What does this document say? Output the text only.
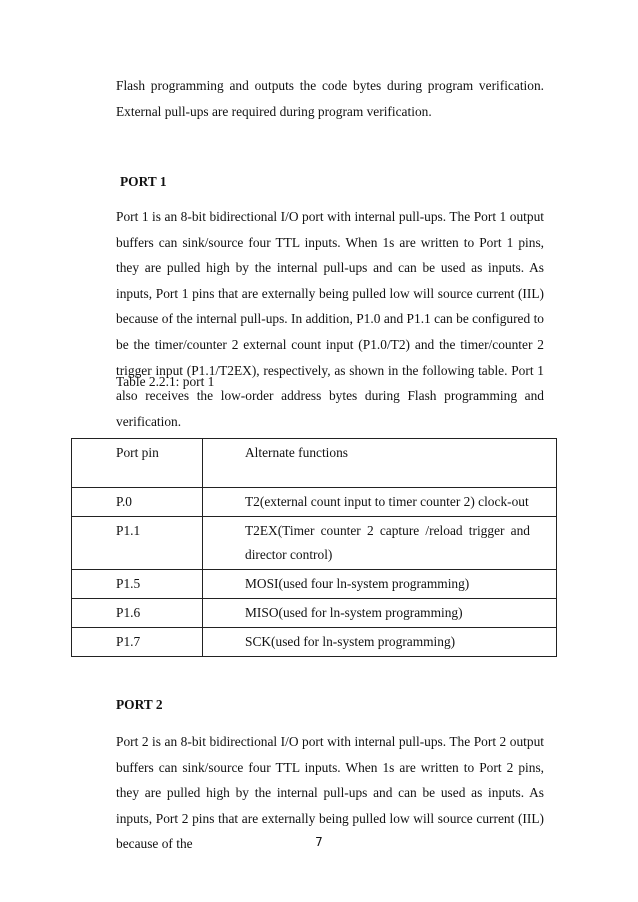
Flash programming and outputs the code bytes during program verification. External pull-ups are required during program verification.

PORT 1

Port 1 is an 8-bit bidirectional I/O port with internal pull-ups. The Port 1 output buffers can sink/source four TTL inputs. When 1s are written to Port 1 pins, they are pulled high by the internal pull-ups and can be used as inputs. As inputs, Port 1 pins that are externally being pulled low will source current (IIL) because of the internal pull-ups. In addition, P1.0 and P1.1 can be configured to be the timer/counter 2 external count input (P1.0/T2) and the timer/counter 2 trigger input (P1.1/T2EX), respectively, as shown in the following table. Port 1 also receives the low-order address bytes during Flash programming and verification.

Table 2.2.1: port 1

Port pin	Alternate functions
P.0	T2(external count input to timer counter 2) clock-out
P1.1	T2EX(Timer counter 2 capture /reload trigger and director control)
P1.5	MOSI(used four ln-system programming)
P1.6	MISO(used for ln-system programming)
P1.7	SCK(used for ln-system programming)

PORT 2

Port 2 is an 8-bit bidirectional I/O port with internal pull-ups. The Port 2 output buffers can sink/source four TTL inputs. When 1s are written to Port 2 pins, they are pulled high by the internal pull-ups and can be used as inputs. As inputs, Port 2 pins that are externally being pulled low will source current (IIL) because of the	7
